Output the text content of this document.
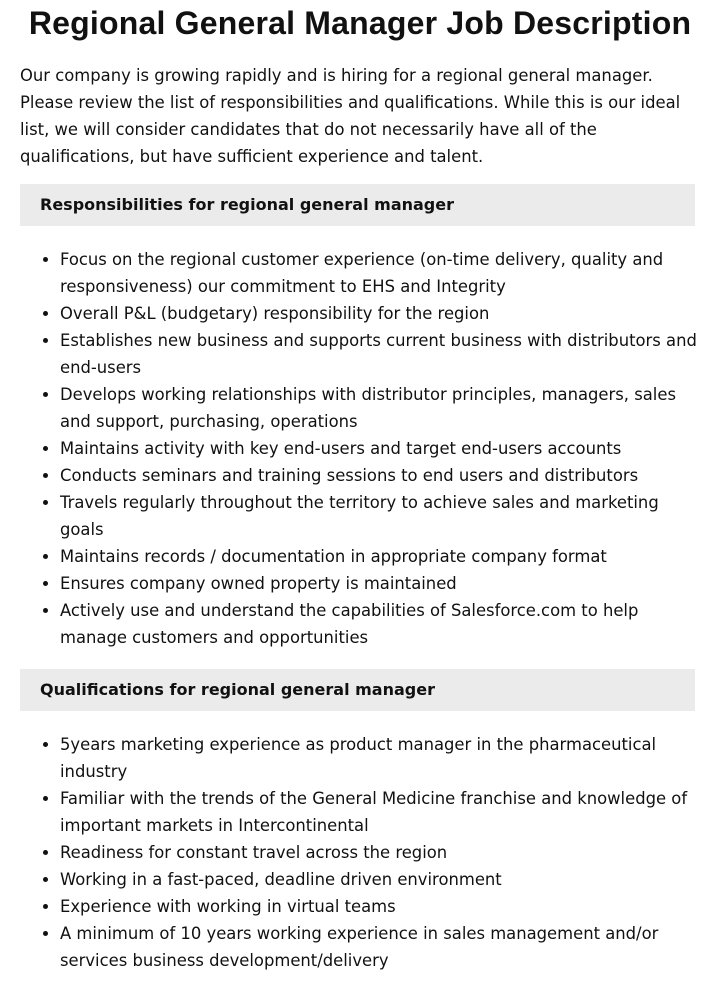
Regional General Manager Job Description

Our company is growing rapidly and is hiring for a regional general manager. Please review the list of responsibilities and qualifications. While this is our ideal list, we will consider candidates that do not necessarily have all of the qualifications, but have sufficient experience and talent.

Responsibilities for regional general manager
• Focus on the regional customer experience (on-time delivery, quality and responsiveness) our commitment to EHS and Integrity
• Overall P&L (budgetary) responsibility for the region
• Establishes new business and supports current business with distributors and end-users
• Develops working relationships with distributor principles, managers, sales and support, purchasing, operations
• Maintains activity with key end-users and target end-users accounts
• Conducts seminars and training sessions to end users and distributors
• Travels regularly throughout the territory to achieve sales and marketing goals
• Maintains records / documentation in appropriate company format
• Ensures company owned property is maintained
• Actively use and understand the capabilities of Salesforce.com to help manage customers and opportunities
Qualifications for regional general manager
• 5years marketing experience as product manager in the pharmaceutical industry
• Familiar with the trends of the General Medicine franchise and knowledge of important markets in Intercontinental
• Readiness for constant travel across the region
• Working in a fast-paced, deadline driven environment
• Experience with working in virtual teams
• A minimum of 10 years working experience in sales management and/or services business development/delivery
